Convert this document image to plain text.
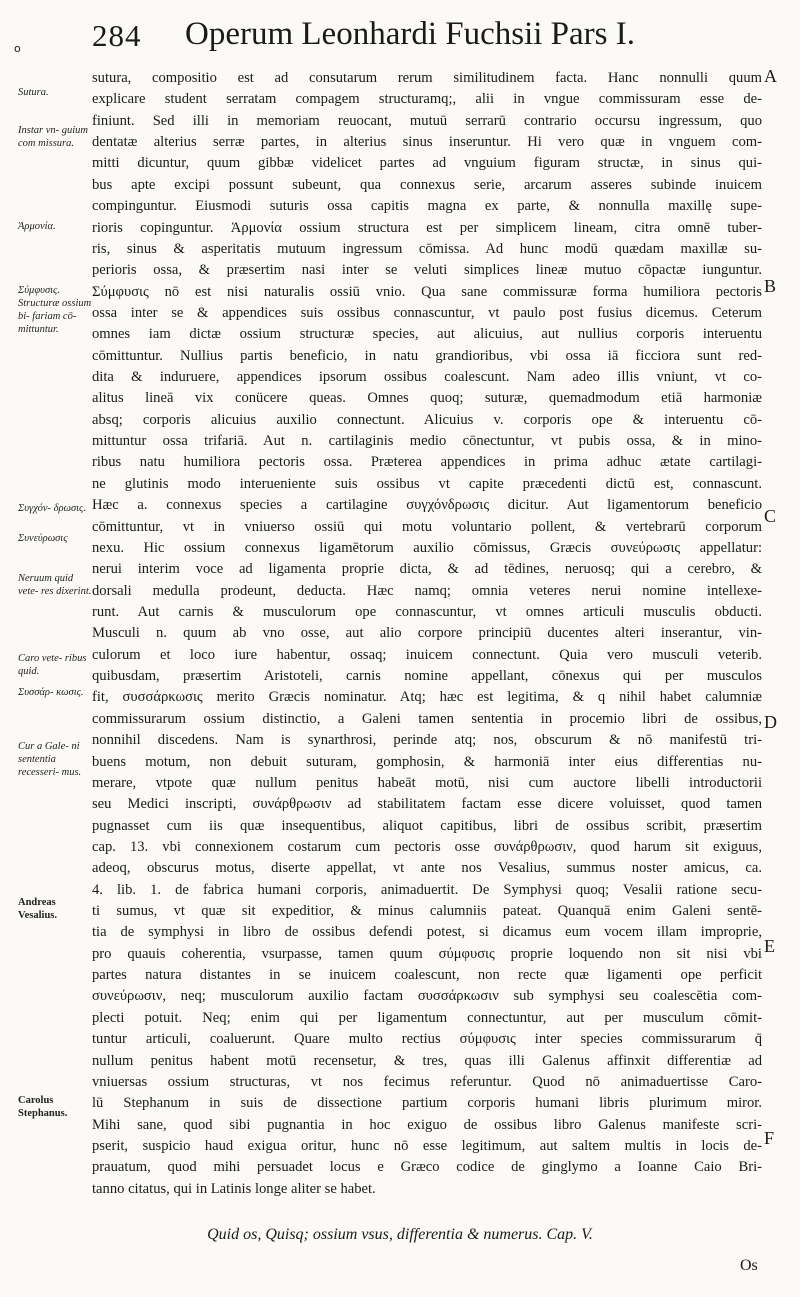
o 284 Operum Leonhardi Fuchsii Pars I.
sutura, compositio est ad consutarum rerum similitudinem facta. Hanc nonnulli quum
explicare student serratam compagem structuramq;, alii in vngue commissuram esse de-
finiunt. Sed illi in memoriam reuocant, mutuū serrarū contrario occursu ingressum, quo
dentatæ alterius serræ partes, in alterius sinus inseruntur. Hi vero quæ in vnguem com-
mitti dicuntur, quum gibbæ videlicet partes ad vnguium figuram structæ, in sinus qui-
bus apte excipi possunt subeunt, qua connexus serie, arcarum asseres subinde inuicem
compinguntur. Eiusmodi suturis ossa capitis magna ex parte, & nonnulla maxillę supe-
rioris copinguntur. Ἁρμονία ossium structura est per simplicem lineam, citra omnē tuber-
ris, sinus & asperitatis mutuum ingressum cōmissa. Ad hunc modū quædam maxillæ su-
perioris ossa, & præsertim nasi inter se veluti simplices lineæ mutuo cōpactæ iunguntur.
Σύμφυσις nō est nisi naturalis ossiū vnio. Qua sane commissuræ forma humiliora pectoris
ossa inter se & appendices suis ossibus connascuntur, vt paulo post fusius dicemus. Ceterum
omnes iam dictæ ossium structuræ species, aut alicuius, aut nullius corporis interuentu
cōmittuntur. Nullius partis beneficio, in natu grandioribus, vbi ossa iā ficciora sunt red-
dita & induruere, appendices ipsorum ossibus coalescunt. Nam adeo illis vniunt, vt co-
alitus lineā vix conücere queas. Omnes quoq; suturæ, quemadmodum etiā harmoniæ
absq; corporis alicuius auxilio connectunt. Alicuius v. corporis ope & interuentu cō-
mittuntur ossa trifariā. Aut n. cartilaginis medio cōnectuntur, vt pubis ossa, & in mino-
ribus natu humiliora pectoris ossa. Præterea appendices in prima adhuc ætate cartilagi-
ne glutinis modo interueniente suis ossibus vt capite præcedenti dictū est, connascunt.
Hæc a. connexus species a cartilagine συγχόνδρωσις dicitur. Aut ligamentorum beneficio
cōmittuntur, vt in vniuerso ossiū qui motu voluntario pollent, & vertebrarū corporum
nexu. Hic ossium connexus ligamētorum auxilio cōmissus, Græcis συνεύρωσις appellatur:
nerui interim voce ad ligamenta proprie dicta, & ad tēdines, neruosq; qui a cerebro, &
dorsali medulla prodeunt, deducta. Hæc namq; omnia veteres nerui nomine intellexe-
runt. Aut carnis & musculorum ope connascuntur, vt omnes articuli musculis obducti.
Musculi n. quum ab vno osse, aut alio corpore principiū ducentes alteri inserantur, vin-
culorum et loco iure habentur, ossaq; inuicem connectunt. Quia vero musculi veterib.
quibusdam, præsertim Aristoteli, carnis nomine appellant, cōnexus qui per musculos
fit, συσσάρκωσις merito Græcis nominatur. Atq; hæc est legitima, & q nihil habet calumniæ
commissurarum ossium distinctio, a Galeni tamen sententia in procemio libri de ossibus,
nonnihil discedens. Nam is synarthrosi, perinde atq; nos, obscurum & nō manifestū tri-
buens motum, non debuit suturam, gomphosin, & harmoniā inter eius differentias nu-
merare, vtpote quæ nullum penitus habeāt motū, nisi cum auctore libelli introductorii
seu Medici inscripti, συνάρθρωσιν ad stabilitatem factam esse dicere voluisset, quod tamen
pugnasset cum iis quæ insequentibus, aliquot capitibus, libri de ossibus scribit, præsertim
cap. 13. vbi connexionem costarum cum pectoris osse συνάρθρωσιν, quod harum sit exiguus,
adeoq, obscurus motus, diserte appellat, vt ante nos Vesalius, summus noster amicus, ca.
4. lib. 1. de fabrica humani corporis, animaduertit. De Symphysi quoq; Vesalii ratione secu-
ti sumus, vt quæ sit expeditior, & minus calumniis pateat. Quanquā enim Galeni sentē-
tia de symphysi in libro de ossibus defendi potest, si dicamus eum vocem illam improprie,
pro quauis coherentia, vsurpasse, tamen quum σύμφυσις proprie loquendo non sit nisi vbi
partes natura distantes in se inuicem coalescunt, non recte quæ ligamenti ope perficit
συνεύρωσιν, neq; musculorum auxilio factam συσσάρκωσιν sub symphysi seu coalescētia com-
plecti potuit. Neq; enim qui per ligamentum connectuntur, aut per musculum cōmit-
tuntur articuli, coaluerunt. Quare multo rectius σύμφυσις inter species commissurarum q̄
nullum penitus habent motū recensetur, & tres, quas illi Galenus affinxit differentiæ ad
vniuersas ossium structuras, vt nos fecimus referuntur. Quod nō animaduertisse Caro-
lū Stephanum in suis de dissectione partium corporis humani libris plurimum miror.
Mihi sane, quod sibi pugnantia in hoc exiguo de ossibus libro Galenus manifeste scri-
pserit, suspicio haud exigua oritur, hunc nō esse legitimum, aut saltem multis in locis de-
prauatum, quod mihi persuadet locus e Græco codice de ginglymo a Ioanne Caio Bri-
tanno citatus, qui in Latinis longe aliter se habet.
Sutura.
Instar vn- guium com missura.
Ἁρμονία.
Σύμφυσις. Structuræ ossium bi- fariam cō- mittuntur.
Συγχόν- δρωσις.
Συνεύρωσις
Neruum quid vete- res dixerint.
Caro vete- ribus quid.
Συσσάρ- κωσις.
Cur a Gale- ni sententia recesseri- mus.
Andreas Vesalius.
Carolus Stephanus.
A
B
C
D
E
F
Quid os, Quisq; ossium vsus, differentia & numerus. Cap. V.
Os
